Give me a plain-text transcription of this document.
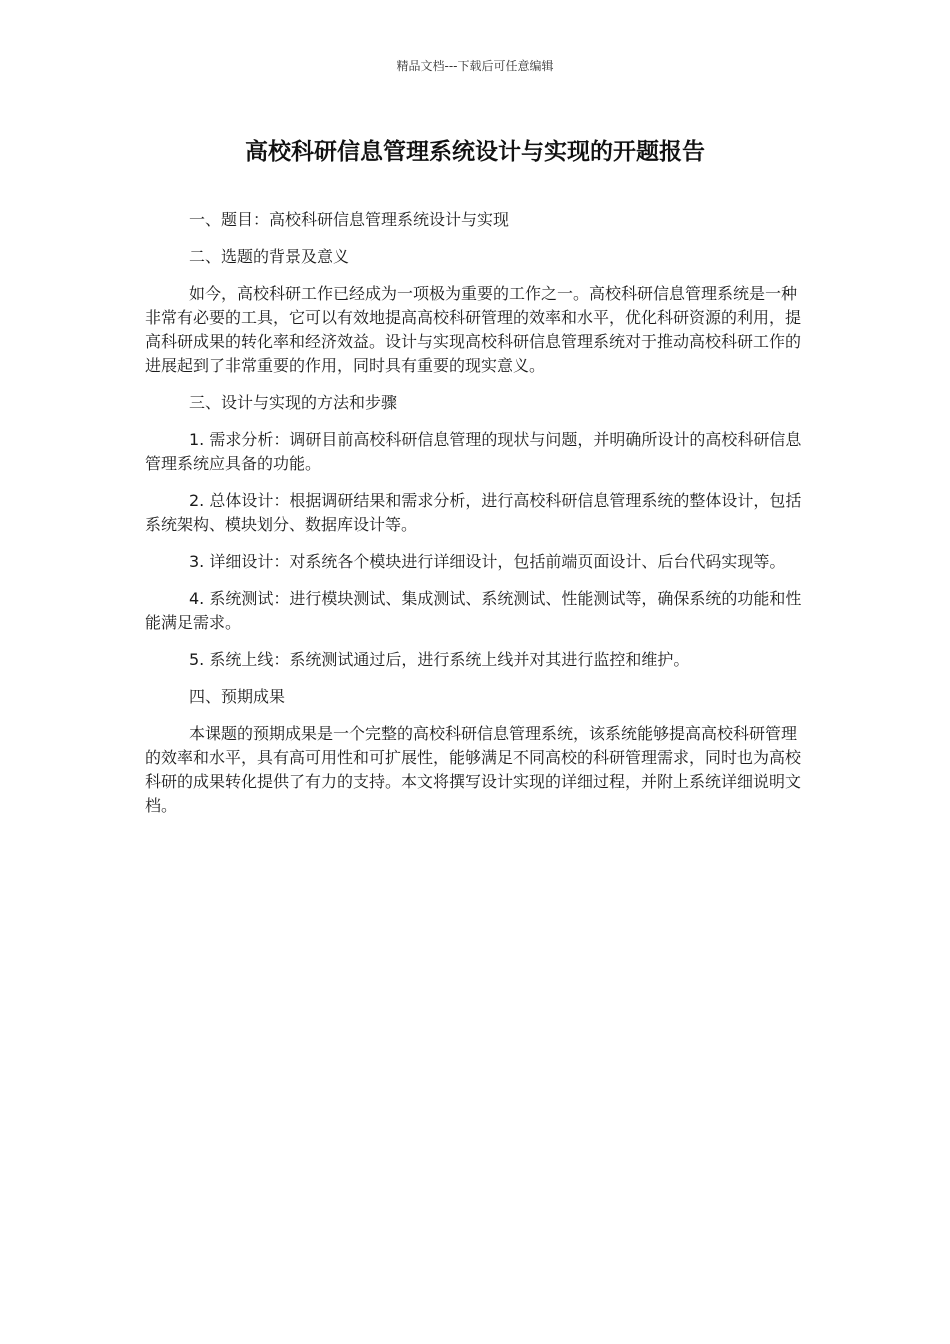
精品文档---下载后可任意编辑
高校科研信息管理系统设计与实现的开题报告

一、题目：高校科研信息管理系统设计与实现

二、选题的背景及意义

如今，高校科研工作已经成为一项极为重要的工作之一。高校科研信息管理系统是一种非常有必要的工具，它可以有效地提高高校科研管理的效率和水平，优化科研资源的利用，提高科研成果的转化率和经济效益。设计与实现高校科研信息管理系统对于推动高校科研工作的进展起到了非常重要的作用，同时具有重要的现实意义。

三、设计与实现的方法和步骤

1. 需求分析：调研目前高校科研信息管理的现状与问题，并明确所设计的高校科研信息管理系统应具备的功能。

2. 总体设计：根据调研结果和需求分析，进行高校科研信息管理系统的整体设计，包括系统架构、模块划分、数据库设计等。

3. 详细设计：对系统各个模块进行详细设计，包括前端页面设计、后台代码实现等。

4. 系统测试：进行模块测试、集成测试、系统测试、性能测试等，确保系统的功能和性能满足需求。

5. 系统上线：系统测试通过后，进行系统上线并对其进行监控和维护。

四、预期成果

本课题的预期成果是一个完整的高校科研信息管理系统，该系统能够提高高校科研管理的效率和水平，具有高可用性和可扩展性，能够满足不同高校的科研管理需求，同时也为高校科研的成果转化提供了有力的支持。本文将撰写设计实现的详细过程，并附上系统详细说明文档。
